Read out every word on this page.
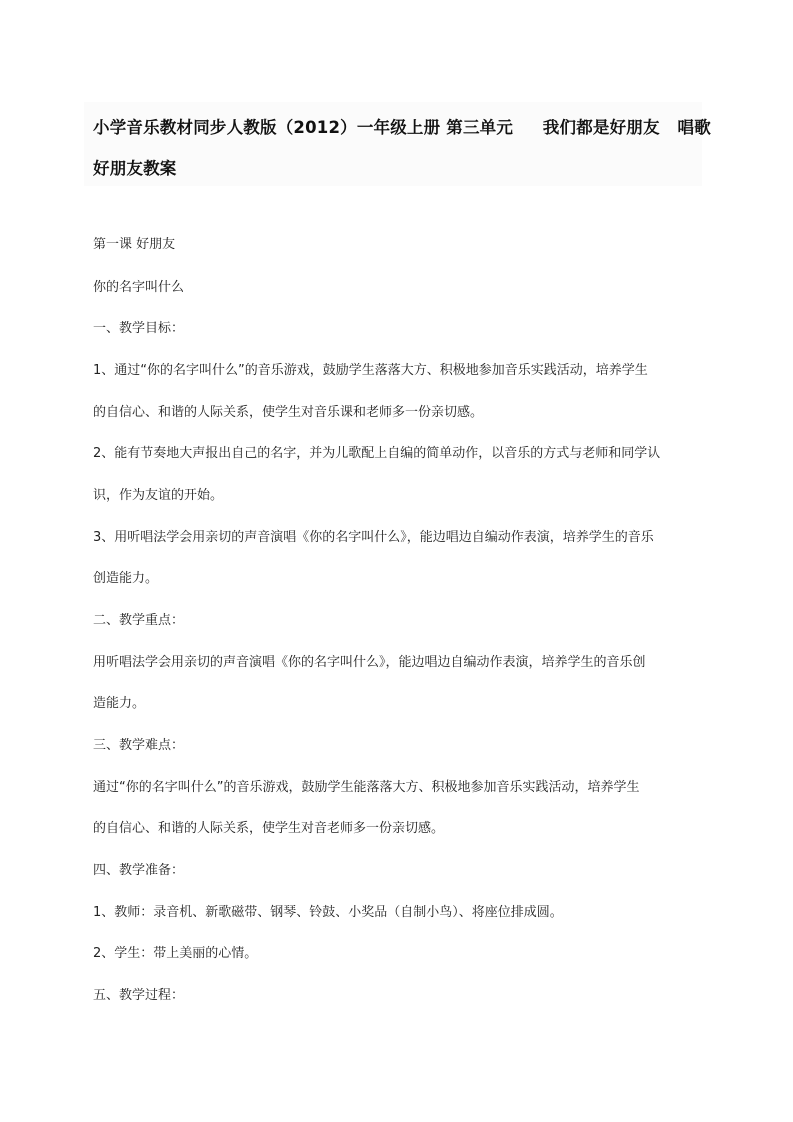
小学音乐教材同步人教版（2012）一年级上册 第三单元     我们都是好朋友   唱歌
好朋友教案
第一课 好朋友
你的名字叫什么
一、教学目标：
1、通过“你的名字叫什么”的音乐游戏，鼓励学生落落大方、积极地参加音乐实践活动，培养学生
的自信心、和谐的人际关系，使学生对音乐课和老师多一份亲切感。
2、能有节奏地大声报出自己的名字，并为儿歌配上自编的简单动作，以音乐的方式与老师和同学认
识，作为友谊的开始。
3、用听唱法学会用亲切的声音演唱《你的名字叫什么》，能边唱边自编动作表演，培养学生的音乐
创造能力。
二、教学重点：
用听唱法学会用亲切的声音演唱《你的名字叫什么》，能边唱边自编动作表演，培养学生的音乐创
造能力。
三、教学难点：
通过“你的名字叫什么”的音乐游戏，鼓励学生能落落大方、积极地参加音乐实践活动，培养学生
的自信心、和谐的人际关系，使学生对音老师多一份亲切感。
四、教学准备：
1、教师：录音机、新歌磁带、钢琴、铃鼓、小奖品（自制小鸟）、将座位排成圆。
2、学生：带上美丽的心情。
五、教学过程：
